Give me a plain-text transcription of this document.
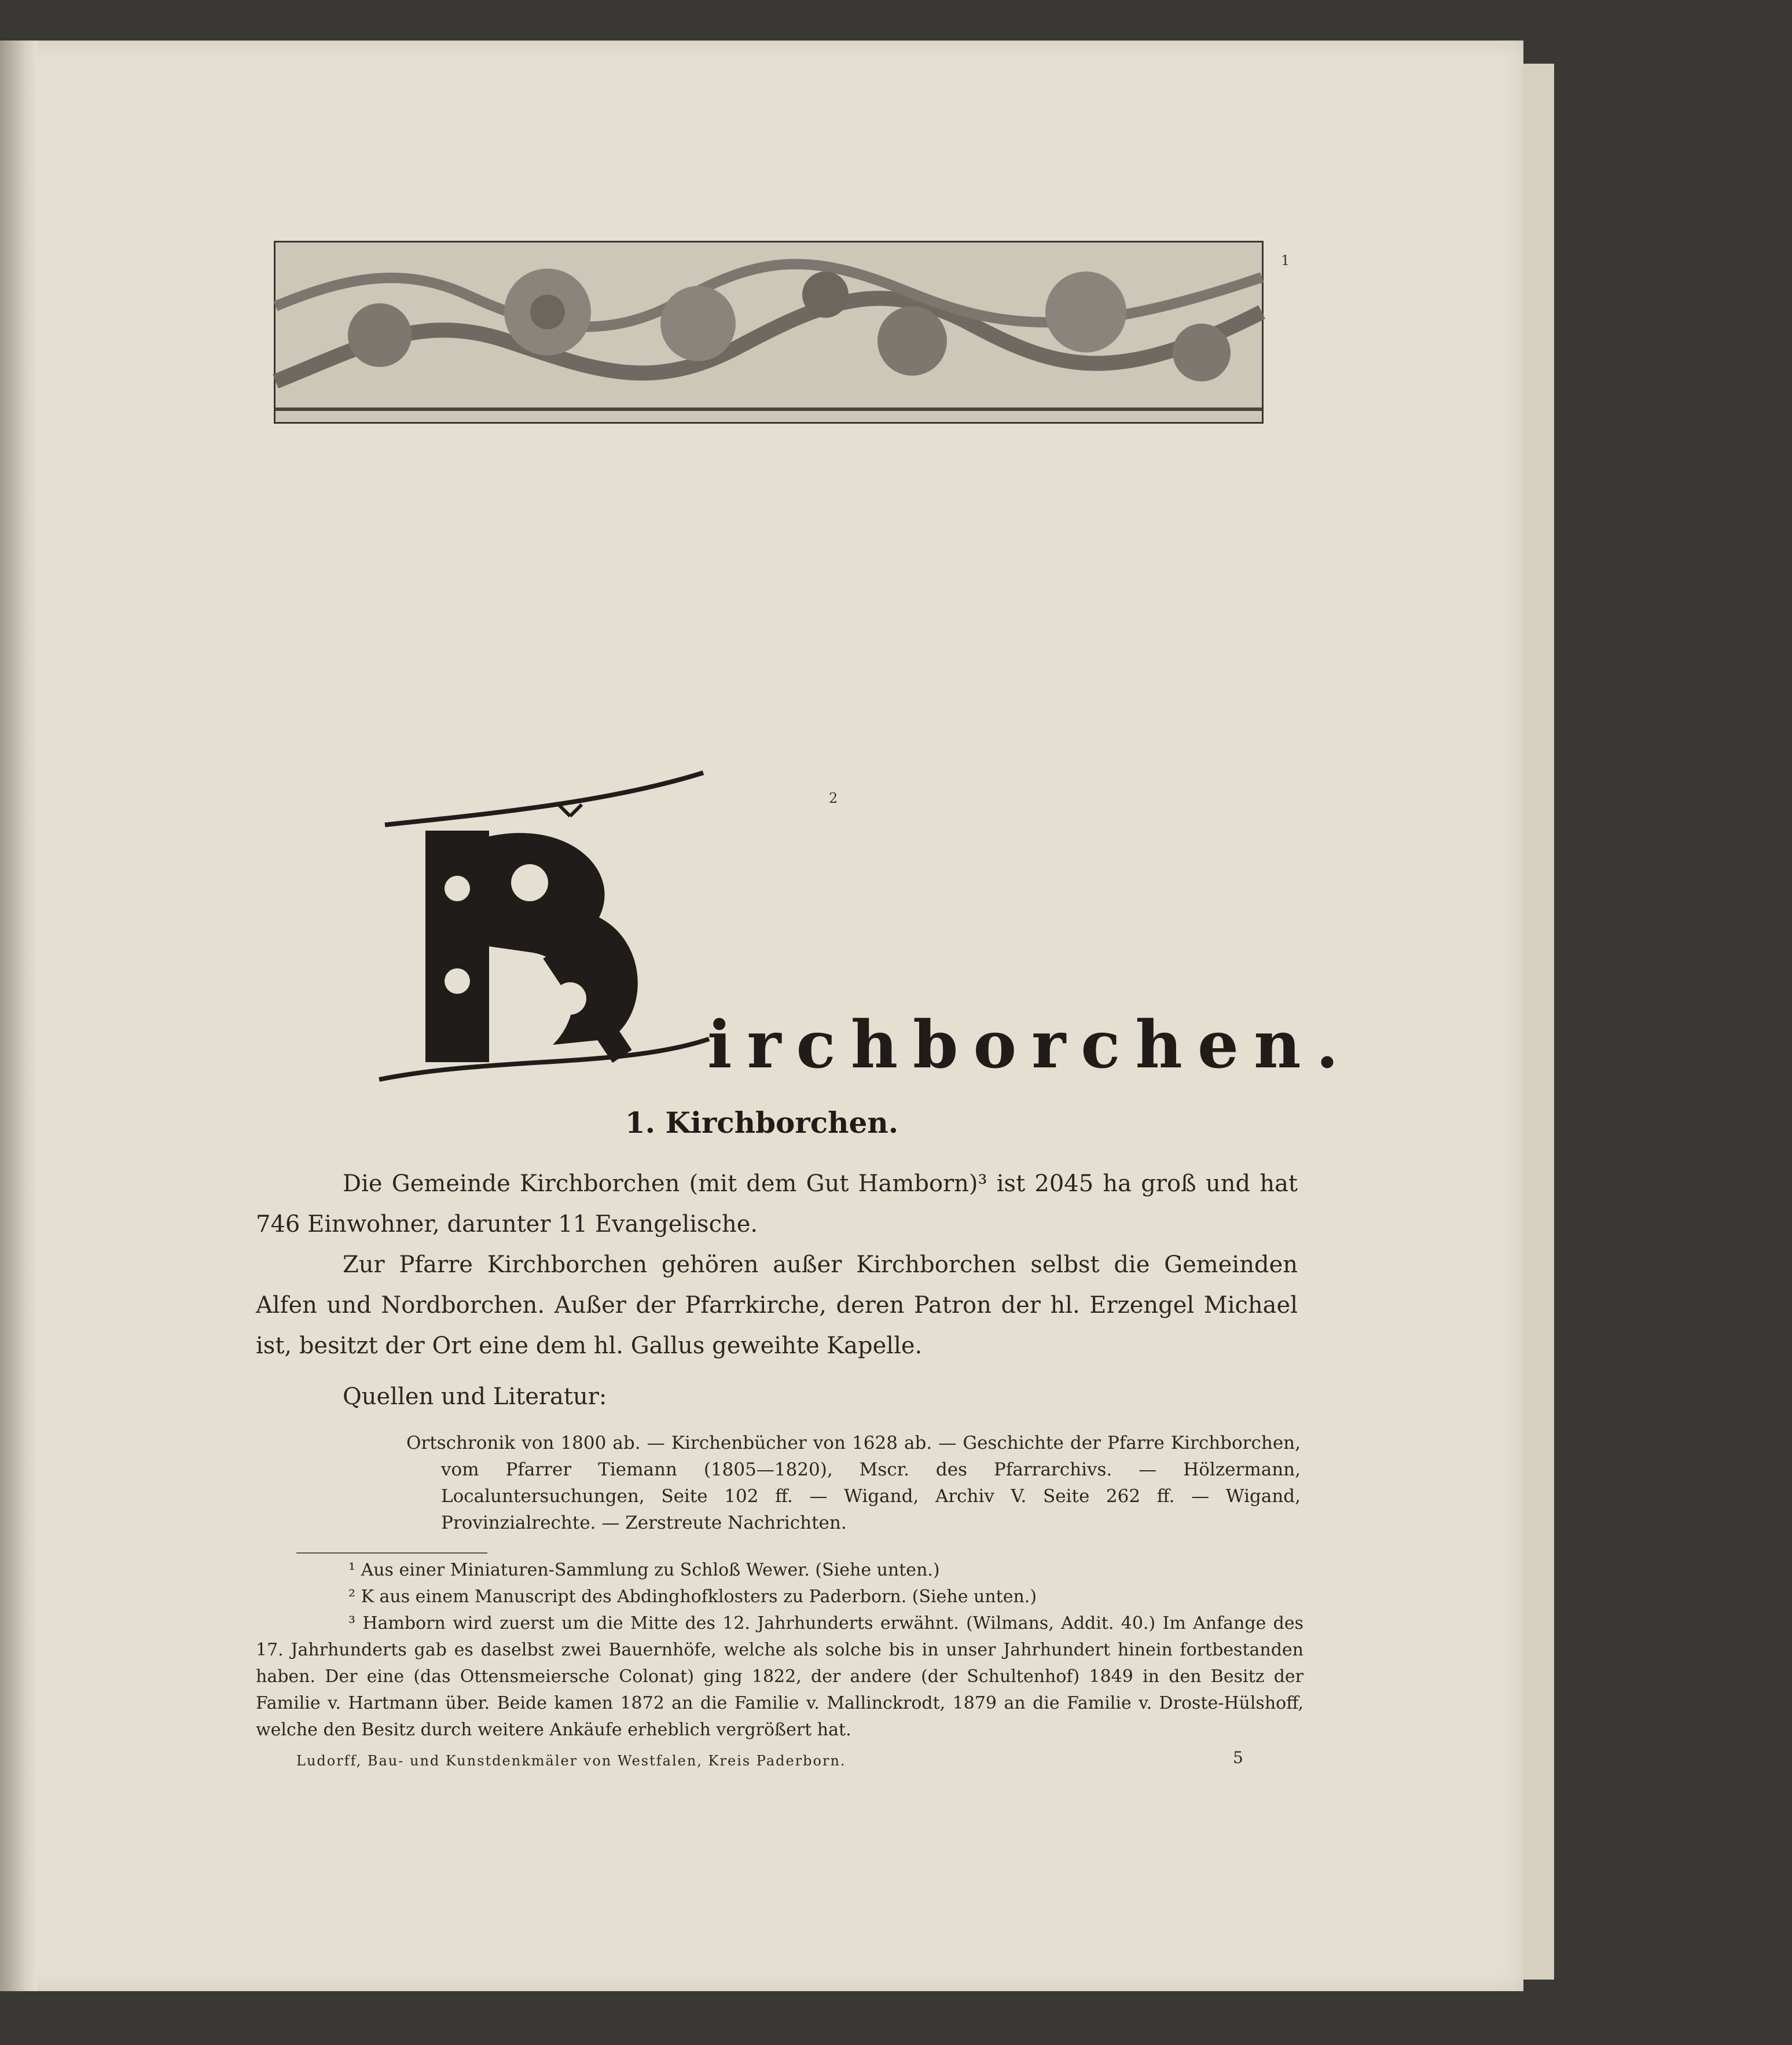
1
K
2
irchborchen.
1. Kirchborchen.

Die Gemeinde Kirchborchen (mit dem Gut Hamborn)³ ist 2045 ha groß und hat 746 Einwohner, darunter 11 Evangelische.

Zur Pfarre Kirchborchen gehören außer Kirchborchen selbst die Gemeinden Alfen und Nordborchen. Außer der Pfarrkirche, deren Patron der hl. Erzengel Michael ist, besitzt der Ort eine dem hl. Gallus geweihte Kapelle.

Quellen und Literatur:
Ortschronik von 1800 ab. — Kirchenbücher von 1628 ab. — Geschichte der Pfarre Kirchborchen, vom Pfarrer Tiemann (1805—1820), Mscr. des Pfarrarchivs. — Hölzermann, Localuntersuchungen, Seite 102 ff. — Wigand, Archiv V. Seite 262 ff. — Wigand, Provinzialrechte. — Zerstreute Nachrichten.

¹ Aus einer Miniaturen-Sammlung zu Schloß Wewer. (Siehe unten.)

² K aus einem Manuscript des Abdinghofklosters zu Paderborn. (Siehe unten.)

³ Hamborn wird zuerst um die Mitte des 12. Jahrhunderts erwähnt. (Wilmans, Addit. 40.) Im Anfange des 17. Jahrhunderts gab es daselbst zwei Bauernhöfe, welche als solche bis in unser Jahrhundert hinein fortbestanden haben. Der eine (das Ottensmeiersche Colonat) ging 1822, der andere (der Schultenhof) 1849 in den Besitz der Familie v. Hartmann über. Beide kamen 1872 an die Familie v. Mallinckrodt, 1879 an die Familie v. Droste-Hülshoff, welche den Besitz durch weitere Ankäufe erheblich vergrößert hat.

Ludorff, Bau- und Kunstdenkmäler von Westfalen, Kreis Paderborn.	5
